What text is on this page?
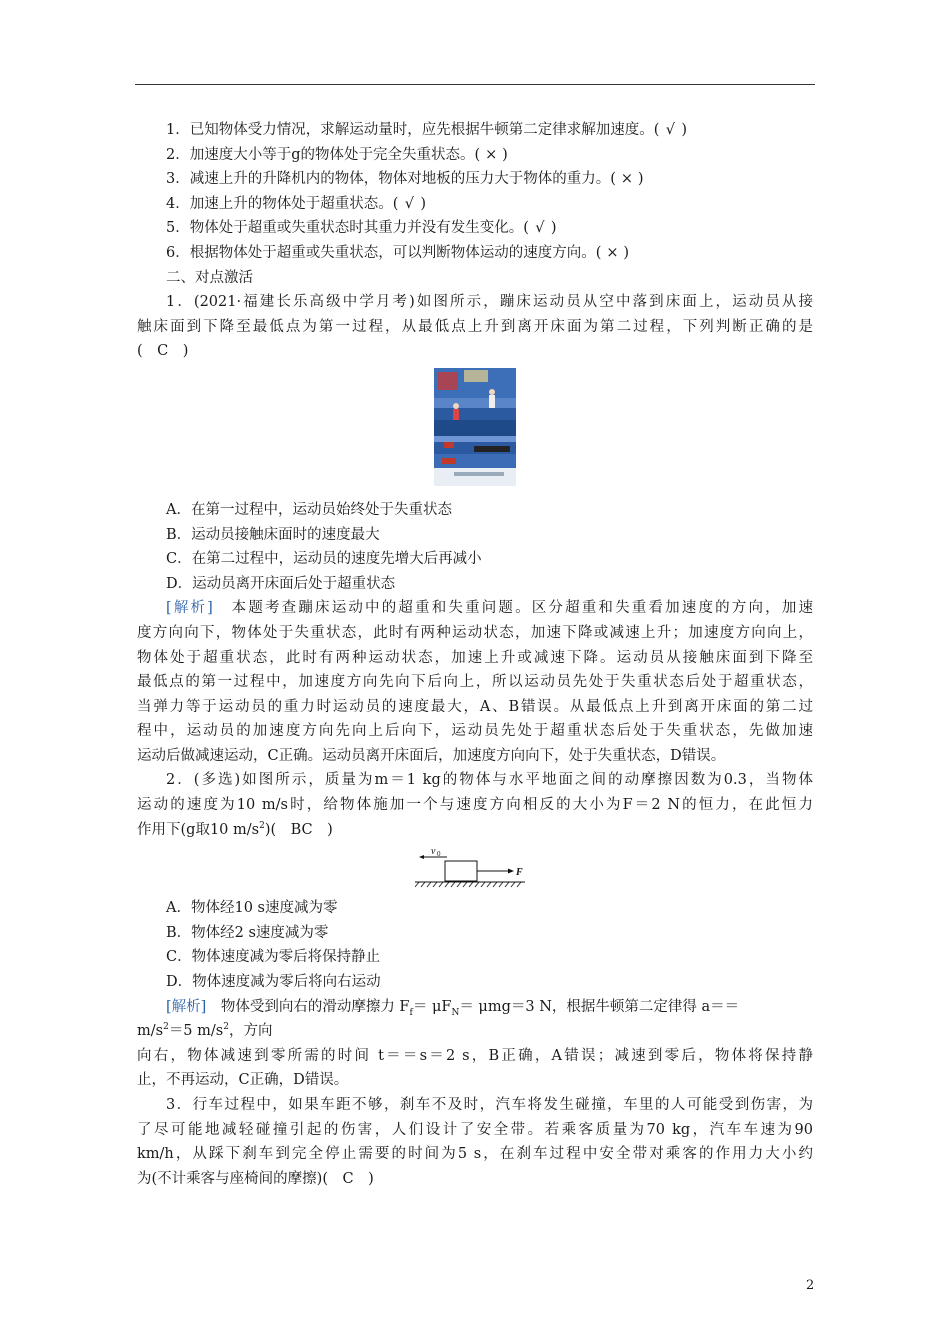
1．已知物体受力情况，求解运动量时，应先根据牛顿第二定律求解加速度。( √ )
2．加速度大小等于g的物体处于完全失重状态。( × )
3．减速上升的升降机内的物体，物体对地板的压力大于物体的重力。( × )
4．加速上升的物体处于超重状态。( √ )
5．物体处于超重或失重状态时其重力并没有发生变化。( √ )
6．根据物体处于超重或失重状态，可以判断物体运动的速度方向。( × )
二、对点激活
1．(2021·福建长乐高级中学月考)如图所示，蹦床运动员从空中落到床面上，运动员从接
触床面到下降至最低点为第一过程，从最低点上升到离开床面为第二过程，下列判断正确的是
(　C　)
A．在第一过程中，运动员始终处于失重状态
B．运动员接触床面时的速度最大
C．在第二过程中，运动员的速度先增大后再减小
D．运动员离开床面后处于超重状态
[解析]　 本题考查蹦床运动中的超重和失重问题。区分超重和失重看加速度的方向，加速
度方向向下，物体处于失重状态，此时有两种运动状态，加速下降或减速上升；加速度方向向上，
物体处于超重状态，此时有两种运动状态，加速上升或减速下降。运动员从接触床面到下降至
最低点的第一过程中，加速度方向先向下后向上，所以运动员先处于失重状态后处于超重状态，
当弹力等于运动员的重力时运动员的速度最大，A、B错误。从最低点上升到离开床面的第二过
程中，运动员的加速度方向先向上后向下，运动员先处于超重状态后处于失重状态，先做加速
运动后做减速运动，C正确。运动员离开床面后，加速度方向向下，处于失重状态，D错误。
2．(多选)如图所示，质量为m＝1 kg的物体与水平地面之间的动摩擦因数为0.3，当物体
运动的速度为10 m/s时，给物体施加一个与速度方向相反的大小为F＝2 N的恒力，在此恒力
作用下(g取10 $m/s^2$)(　BC　)
v 0
F
A．物体经10 s速度减为零
B．物体经2 s速度减为零
C．物体速度减为零后将保持静止
D．物体速度减为零后将向右运动
[解析]　 物体受到向右的滑动摩擦力 $F_f= \mu F_N= \mu mg=3$ N，根据牛顿第二定律得 a＝＝
$m/s^2=5$ $m/s^2$，方向
向右，物体减速到零所需的时间 t＝＝s＝2 s，B正确，A错误；减速到零后，物体将保持静
止，不再运动，C正确，D错误。
3．行车过程中，如果车距不够，刹车不及时，汽车将发生碰撞，车里的人可能受到伤害，为
了尽可能地减轻碰撞引起的伤害，人们设计了安全带。若乘客质量为70 kg，汽车车速为90
km/h，从踩下刹车到完全停止需要的时间为5 s，在刹车过程中安全带对乘客的作用力大小约
为(不计乘客与座椅间的摩擦)(　C　)
2
